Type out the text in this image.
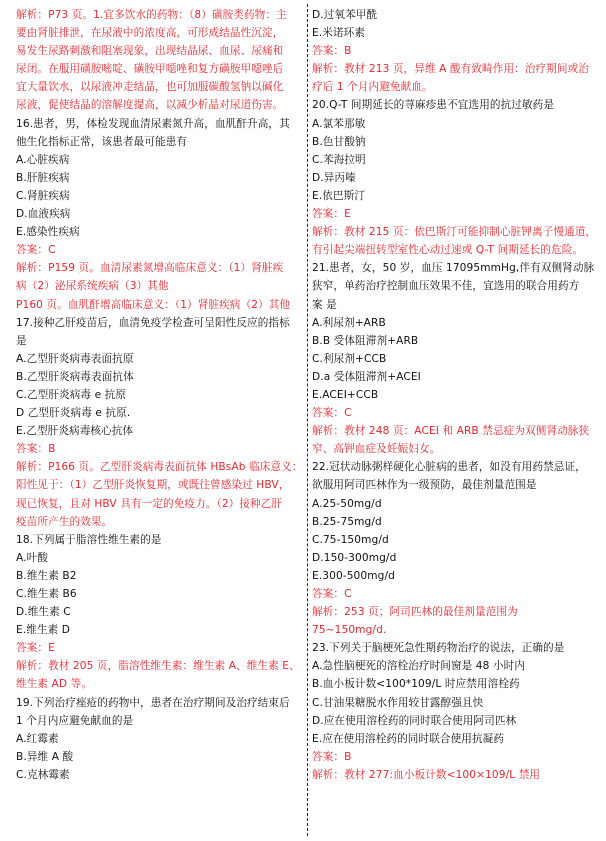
解析：P73 页。1.宜多饮水的药物：（8）磺胺类药物：主
要由肾脏排泄，在尿液中的浓度高，可形成结晶性沉淀，
易发生尿路刺激和阻塞现象，出现结晶尿、血尿、尿痛和
尿闭。在服用磺胺嘧啶、磺胺甲噁唑和复方磺胺甲噁唑后
宜大量饮水，以尿液冲走结晶，也可加服碳酸氢钠以碱化
尿液，促使结晶的溶解度提高，以减少析晶对尿道伤害。
16.患者，男，体检发现血清尿素氮升高，血肌酐升高，其
他生化指标正常，该患者最可能患有
A.心脏疾病
B.肝脏疾病
C.肾脏疾病
D.血液疾病
E.感染性疾病
答案：C
解析：P159 页。血清尿素氮增高临床意义：（1）肾脏疾
病（2）泌尿系统疾病（3）其他
P160 页。血肌酐增高临床意义：（1）肾脏疾病（2）其他
17.接种乙肝疫苗后，血清免疫学检查可呈阳性反应的指标
是
A.乙型肝炎病毒表面抗原
B.乙型肝炎病毒表面抗体
C.乙型肝炎病毒 e 抗原
D 乙型肝炎病毒 e 抗原.
E.乙型肝炎病毒核心抗体
答案：B
解析：P166 页。乙型肝炎病毒表面抗体 HBsAb 临床意义：
阳性见于：（1）乙型肝炎恢复期，或既往曾感染过 HBV，
现已恢复，且对 HBV 具有一定的免疫力。（2）接种乙肝
疫苗所产生的效果。
18.下列属于脂溶性维生素的是
A.叶酸
B.维生素 B2
C.维生素 B6
D.维生素 C
E.维生素 D
答案：E
解析：教材 205 页，脂溶性维生素：维生素 A、维生素 E、
维生素 AD 等。
19.下列治疗痤疮的药物中，患者在治疗期间及治疗结束后
1 个月内应避免献血的是
A.红霉素
B.异维 A 酸
C.克林霉素
D.过氧苯甲酰
E.米诺环素
答案：B
解析：教材 213 页，异维 A 酸有致畸作用：治疗期间或治
疗后 1 个月内避免献血。
20.Q-T 间期延长的荨麻疹患不宜选用的抗过敏药是
A.氯苯那敏
B.色甘酸钠
C.苯海拉明
D.异丙嗪
E.依巴斯汀
答案：E
解析：教材 215 页：依巴斯汀可能抑制心脏钾离子慢通道，
有引起尖端扭转型室性心动过速或 Q-T 间期延长的危险。
21.患者，女，50 岁，血压 17095mmHg,伴有双侧肾动脉
狭窄，单药治疗控制血压效果不佳，宜选用的联合用药方
案 是
A.利尿剂+ARB
B.B 受体阻滞剂+ARB
C.利尿剂+CCB
D.a 受体阻滞剂+ACEI
E.ACEI+CCB
答案：C
解析：教材 248 页：ACEI 和 ARB 禁忌症为双侧肾动脉狭
窄、高钾血症及妊娠妇女。
22.冠状动脉粥样硬化心脏病的患者，如没有用药禁忌证，
欲服用阿司匹林作为一级预防，最佳剂量范围是
A.25-50mg/d
B.25-75mg/d
C.75-150mg/d
D.150-300mg/d
E.300-500mg/d
答案：C
解析：253 页；阿司匹林的最佳剂量范围为
75~150mg/d.
23.下列关于脑梗死急性期药物治疗的说法，正确的是
A.急性脑梗死的溶栓治疗时间窗是 48 小时内
B.血小板计数<100*109/L 时应禁用溶栓药
C.甘油果糖脱水作用较甘露醇强且快
D.应在使用溶栓药的同时联合使用阿司匹林
E.应在使用溶栓药的同时联合使用抗凝药
答案：B
解析：教材 277:血小板计数<100×109/L 禁用
